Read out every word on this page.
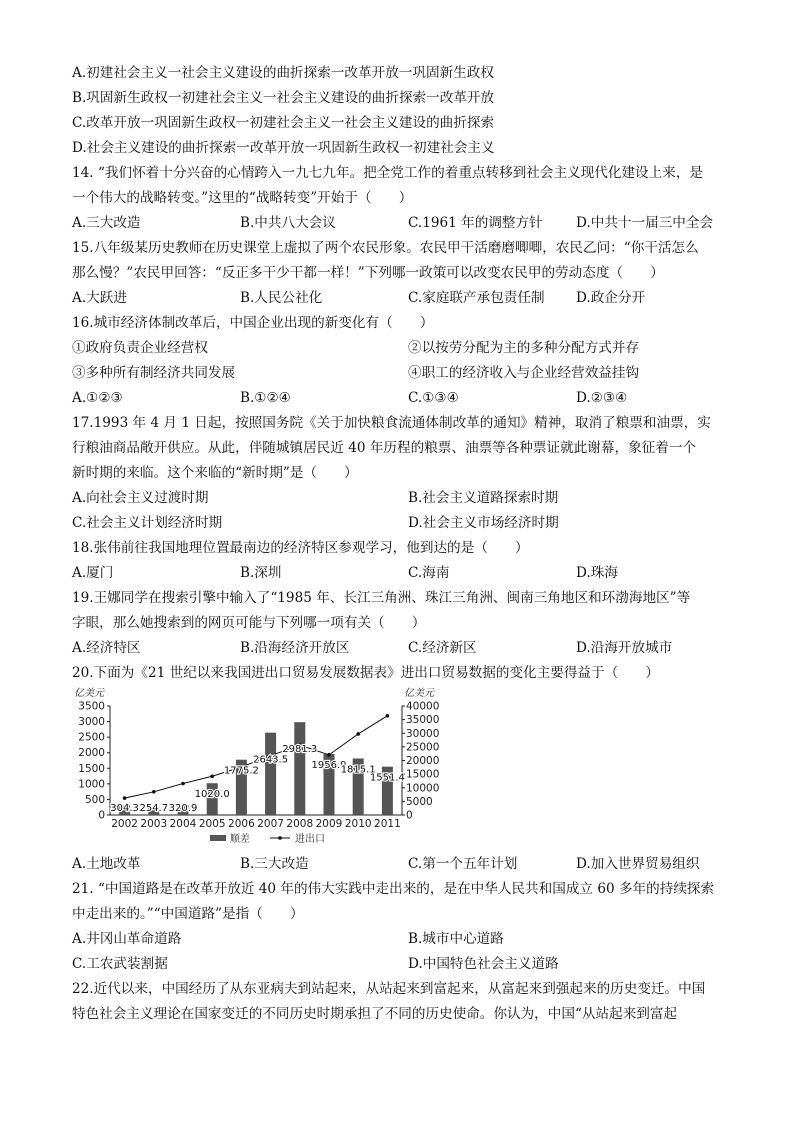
A.初建社会主义一社会主义建设的曲折探索一改革开放一巩固新生政权
B.巩固新生政权一初建社会主义一社会主义建设的曲折探索一改革开放
C.改革开放一巩固新生政权一初建社会主义一社会主义建设的曲折探索
D.社会主义建设的曲折探索一改革开放一巩固新生政权一初建社会主义
14. “我们怀着十分兴奋的心情跨入一九七九年。把全党工作的着重点转移到社会主义现代化建设上来，是
一个伟大的战略转变。”这里的“战略转变”开始于（　　）
A.三大改造	B.中共八大会议	C.1961 年的调整方针 D.中共十一届三中全会
15.八年级某历史教师在历史课堂上虚拟了两个农民形象。农民甲干活磨磨唧唧，农民乙问：“你干活怎么
那么慢？”农民甲回答：“反正多干少干都一样！”下列哪一政策可以改变农民甲的劳动态度（　　）
A.大跃进	B.人民公社化	C.家庭联产承包责任制 D.政企分开
16.城市经济体制改革后，中国企业出现的新变化有（　　）
①政府负责企业经营权	②以按劳分配为主的多种分配方式并存
③多种所有制经济共同发展	④职工的经济收入与企业经营效益挂钩
A.①②③	B.①②④	C.①③④	D.②③④
17.1993 年 4 月 1 日起，按照国务院《关于加快粮食流通体制改革的通知》精神，取消了粮票和油票，实
行粮油商品敞开供应。从此，伴随城镇居民近 40 年历程的粮票、油票等各种票证就此谢幕，象征着一个
新时期的来临。这个来临的“新时期”是（　　）
A.向社会主义过渡时期	B.社会主义道路探索时期
C.社会主义计划经济时期	D.社会主义市场经济时期
18.张伟前往我国地理位置最南边的经济特区参观学习，他到达的是（　　）
A.厦门	B.深圳	C.海南	D.珠海
19.王娜同学在搜索引擎中输入了“1985 年、长江三角洲、珠江三角洲、闽南三角地区和环渤海地区”等
字眼，那么她搜索到的网页可能与下列哪一项有关（　　）
A.经济特区	B.沿海经济开放区	C.经济新区	D.沿海开放城市
20.下面为《21 世纪以来我国进出口贸易发展数据表》进出口贸易数据的变化主要得益于（　　）
亿美元	亿美元
0
500
1000
1500
2000
2500
3000
3500
0
5000
10000
15000
20000
25000
30000
35000
40000
304.3 254.7 320.9
1020.0
1775.2
2643.5
2981.3
1956.9
1815.1
1551.4
2002 2003 2004 2005 2006 2007 2008 2009 2010 2011
顺差	进出口
A.土地改革	B.三大改造	C.第一个五年计划	D.加入世界贸易组织
21. “中国道路是在改革开放近 40 年的伟大实践中走出来的，是在中华人民共和国成立 60 多年的持续探索
中走出来的。”“中国道路”是指（　　）
A.井冈山革命道路	B.城市中心道路
C.工农武装割据	D.中国特色社会主义道路
22.近代以来，中国经历了从东亚病夫到站起来，从站起来到富起来，从富起来到强起来的历史变迁。中国
特色社会主义理论在国家变迁的不同历史时期承担了不同的历史使命。你认为，中国“从站起来到富起
